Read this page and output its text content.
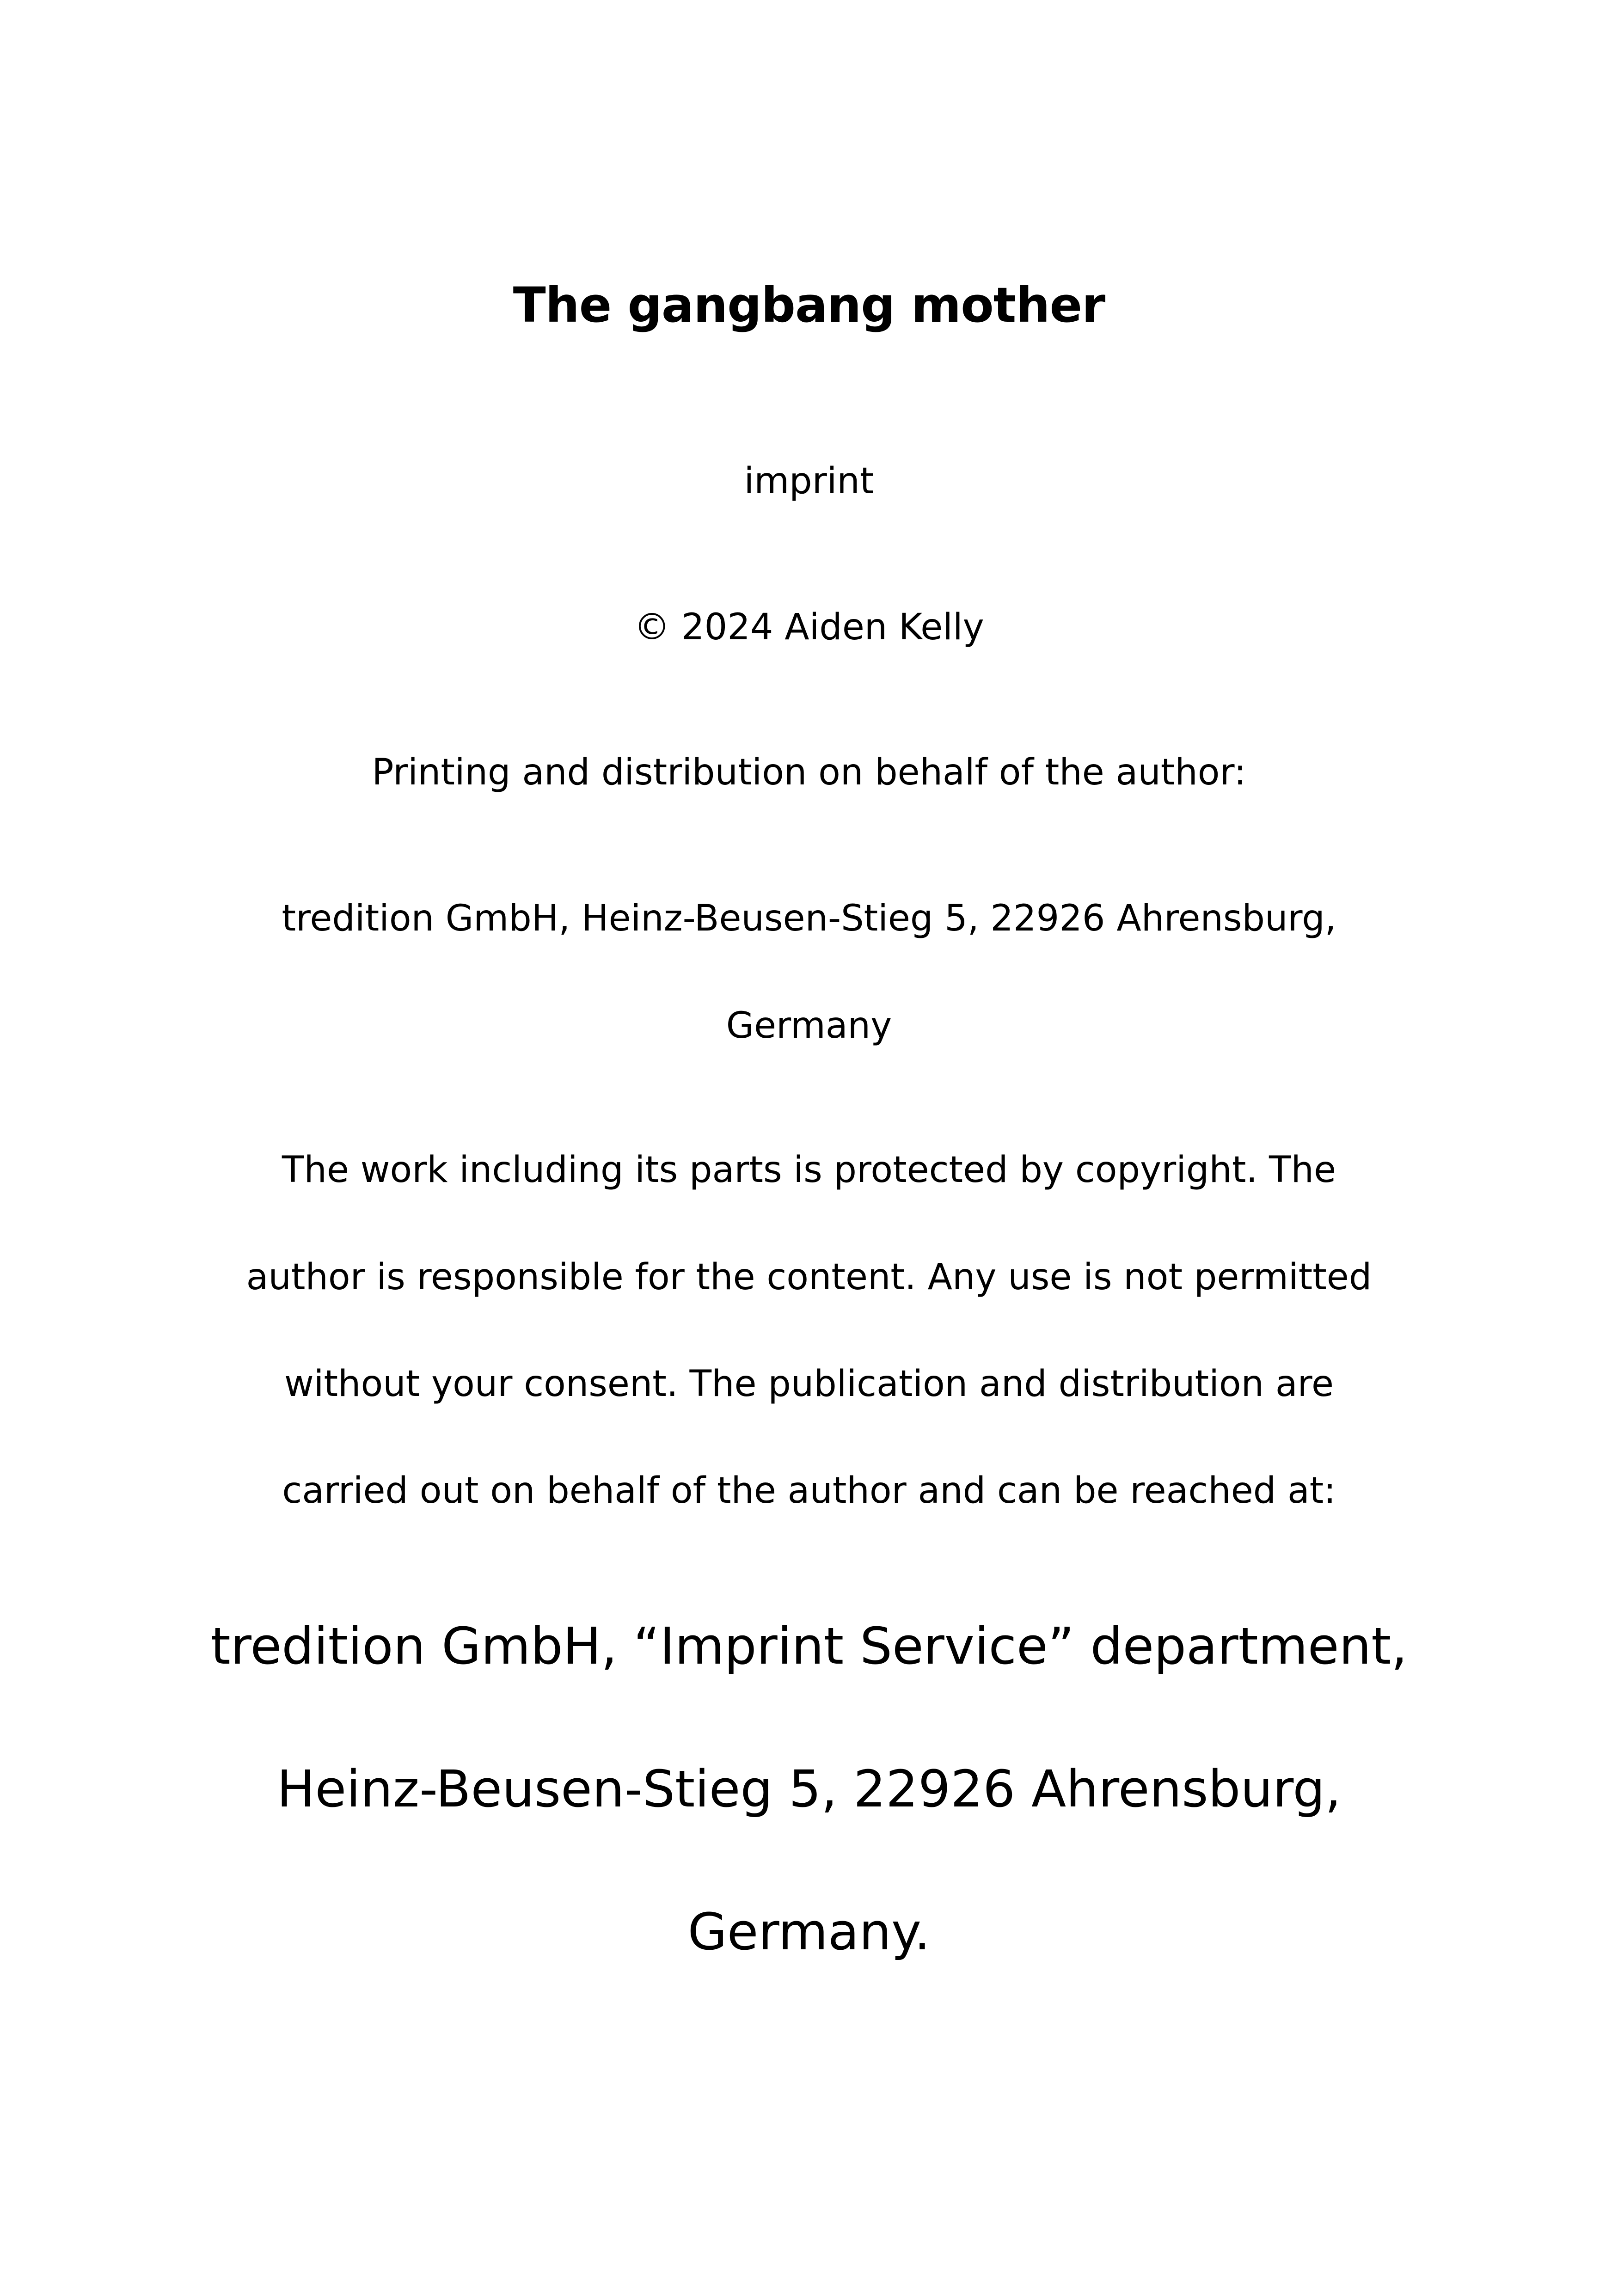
The gangbang mother
imprint
© 2024 Aiden Kelly
Printing and distribution on behalf of the author:
tredition GmbH, Heinz-Beusen-Stieg 5, 22926 Ahrensburg,
Germany
The work including its parts is protected by copyright. The
author is responsible for the content. Any use is not permitted
without your consent. The publication and distribution are
carried out on behalf of the author and can be reached at:
tredition GmbH, “Imprint Service” department,
Heinz-Beusen-Stieg 5, 22926 Ahrensburg,
Germany.
